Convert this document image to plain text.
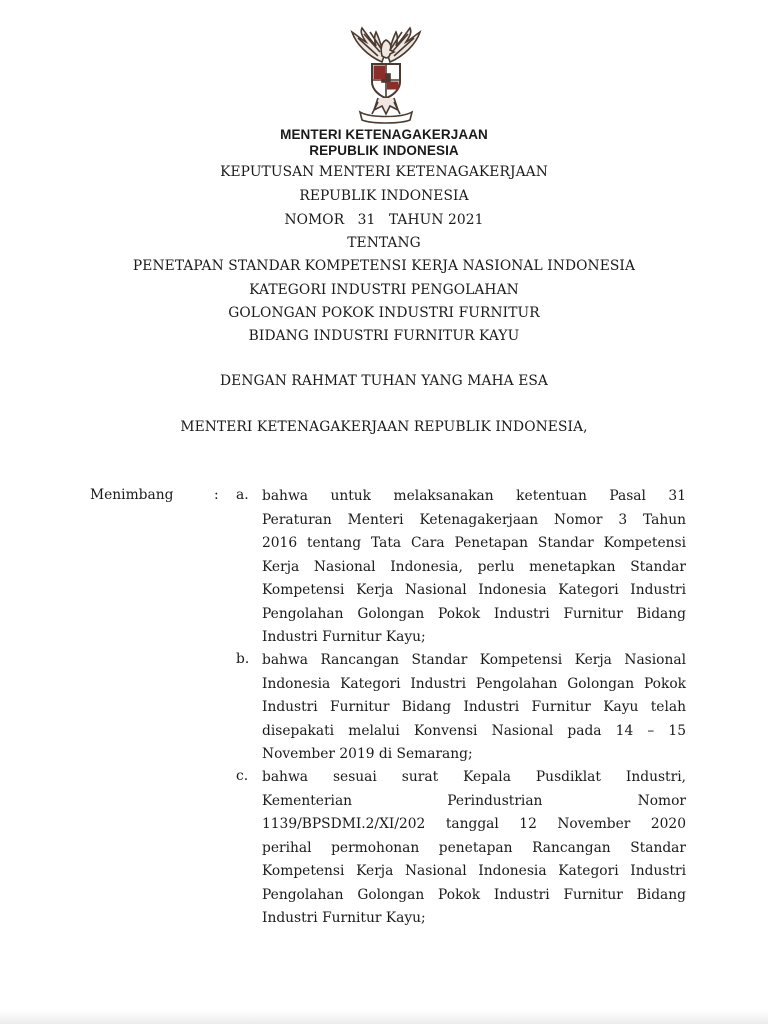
MENTERI KETENAGAKERJAAN
REPUBLIK INDONESIA
KEPUTUSAN MENTERI KETENAGAKERJAAN
REPUBLIK INDONESIA
NOMOR   31   TAHUN 2021
TENTANG
PENETAPAN STANDAR KOMPETENSI KERJA NASIONAL INDONESIA
KATEGORI INDUSTRI PENGOLAHAN
GOLONGAN POKOK INDUSTRI FURNITUR
BIDANG INDUSTRI FURNITUR KAYU
DENGAN RAHMAT TUHAN YANG MAHA ESA
MENTERI KETENAGAKERJAAN REPUBLIK INDONESIA,
Menimbang	: a. bahwa untuk melaksanakan ketentuan Pasal 31
Peraturan Menteri Ketenagakerjaan Nomor 3 Tahun
2016 tentang Tata Cara Penetapan Standar Kompetensi
Kerja Nasional Indonesia, perlu menetapkan Standar
Kompetensi Kerja Nasional Indonesia Kategori Industri
Pengolahan Golongan Pokok Industri Furnitur Bidang
Industri Furnitur Kayu;
b. bahwa Rancangan Standar Kompetensi Kerja Nasional
Indonesia Kategori Industri Pengolahan Golongan Pokok
Industri Furnitur Bidang Industri Furnitur Kayu telah
disepakati melalui Konvensi Nasional pada 14 – 15
November 2019 di Semarang;
c. bahwa sesuai surat Kepala Pusdiklat Industri,
Kementerian Perindustrian Nomor
1139/BPSDMI.2/XI/202 tanggal 12 November 2020
perihal permohonan penetapan Rancangan Standar
Kompetensi Kerja Nasional Indonesia Kategori Industri
Pengolahan Golongan Pokok Industri Furnitur Bidang
Industri Furnitur Kayu;
